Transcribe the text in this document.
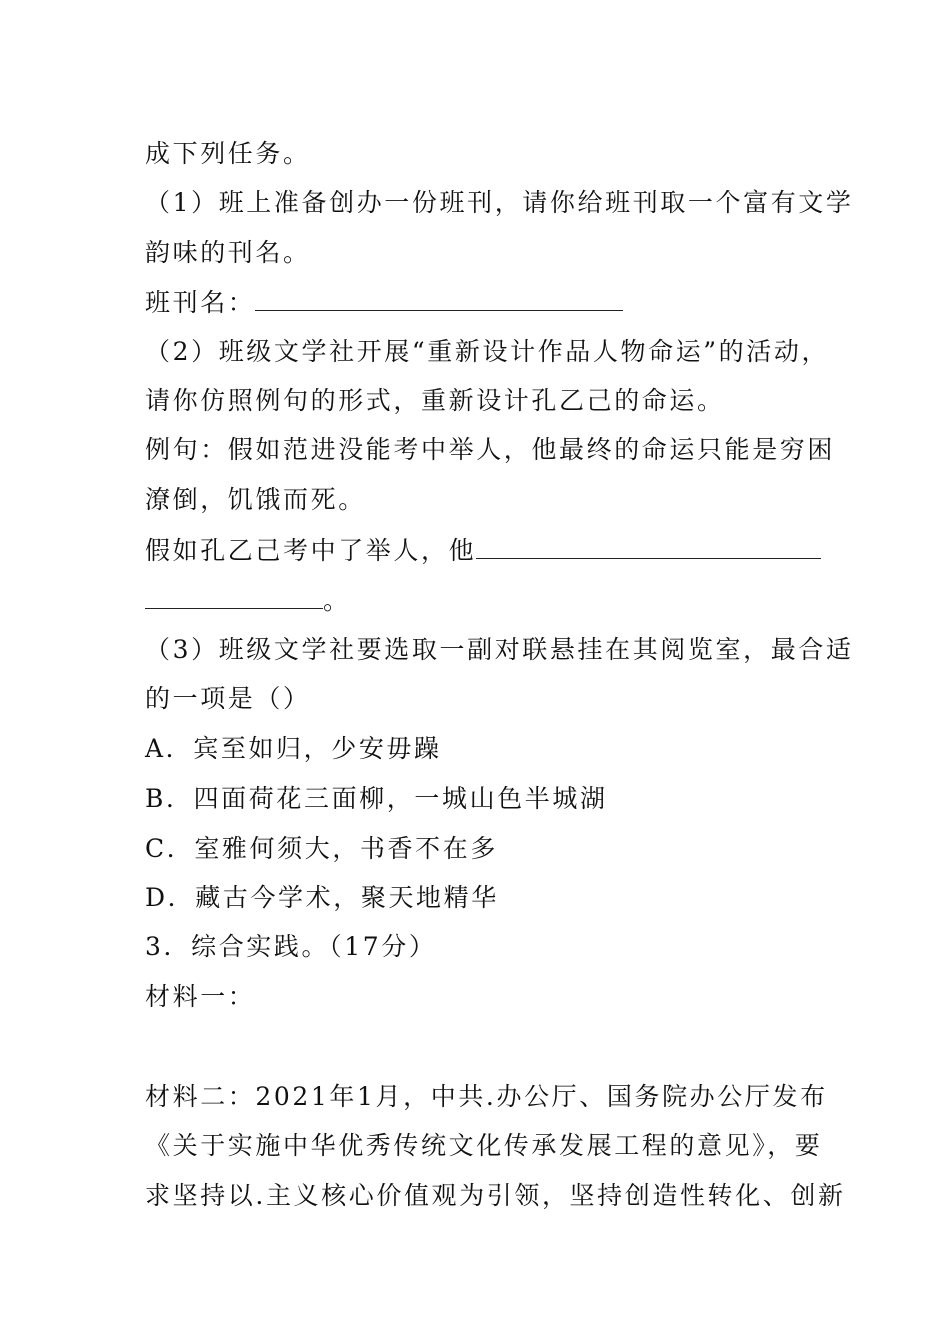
成下列任务。
（1）班上准备创办一份班刊，请你给班刊取一个富有文学
韵味的刊名。
班刊名：
（2）班级文学社开展“重新设计作品人物命运”的活动，
请你仿照例句的形式，重新设计孔乙己的命运。
例句：假如范进没能考中举人，他最终的命运只能是穷困
潦倒，饥饿而死。
假如孔乙己考中了举人，他
。
（3）班级文学社要选取一副对联悬挂在其阅览室，最合适
的一项是（）
A．宾至如归，少安毋躁
B．四面荷花三面柳，一城山色半城湖
C．室雅何须大，书香不在多
D．藏古今学术，聚天地精华
3．综合实践。（17分）
材料一：
材料二：2021年1月，中共.办公厅、国务院办公厅发布
《关于实施中华优秀传统文化传承发展工程的意见》，要
求坚持以.主义核心价值观为引领，坚持创造性转化、创新
